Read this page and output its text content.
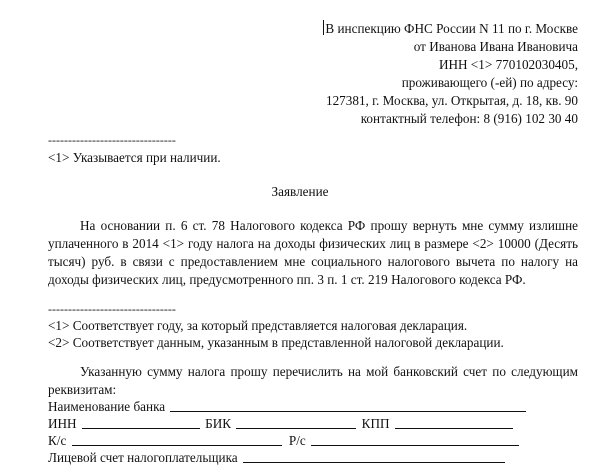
В инспекцию ФНС России N 11 по г. Москве
от Иванова Ивана Ивановича
ИНН <1> 770102030405,
проживающего (-ей) по адресу:
127381, г. Москва, ул. Открытая, д. 18, кв. 90
контактный телефон: 8 (916) 102 30 40
--------------------------------
<1> Указывается при наличии.
Заявление
На основании п. 6 ст. 78 Налогового кодекса РФ прошу вернуть мне сумму излишне уплаченного в 2014 <1> году налога на доходы физических лиц в размере <2> 10000 (Десять тысяч) руб. в связи с предоставлением мне социального налогового вычета по налогу на доходы физических лиц, предусмотренного пп. 3 п. 1 ст. 219 Налогового кодекса РФ.
--------------------------------
<1> Соответствует году, за который представляется налоговая декларация.
<2> Соответствует данным, указанным в представленной налоговой декларации.
Указанную сумму налога прошу перечислить на мой банковский счет по следующим реквизитам:
Наименование банка
ИНН	БИК	КПП
К/с	Р/с
Лицевой счет налогоплательщика
